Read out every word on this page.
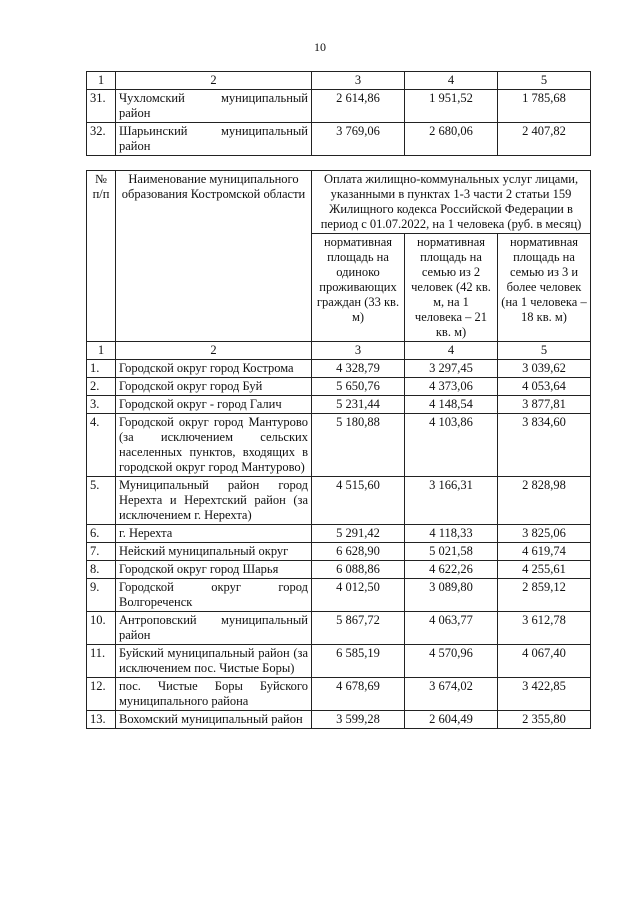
10
1	2	3	4	5
31.	Чухломский муниципальный район	2 614,86	1 951,52	1 785,68
32.	Шарьинский муниципальный район	3 769,06	2 680,06	2 407,82
№ п/п	Наименование муниципального образования Костромской области	Оплата жилищно-коммунальных услуг лицами, указанными в пунктах 1-3 части 2 статьи 159 Жилищного кодекса Российской Федерации в период с 01.07.2022, на 1 человека (руб. в месяц)		
		нормативная площадь на одиноко проживающих граждан (33 кв. м)	нормативная площадь на семью из 2 человек (42 кв. м, на 1 человека – 21 кв. м)	нормативная площадь на семью из 3 и более человек (на 1 человека – 18 кв. м)
1	2	3	4	5
1.	Городской округ город Кострома	4 328,79	3 297,45	3 039,62
2.	Городской округ город Буй	5 650,76	4 373,06	4 053,64
3.	Городской округ - город Галич	5 231,44	4 148,54	3 877,81
4.	Городской округ город Мантурово (за исключением сельских населенных пунктов, входящих в городской округ город Мантурово)	5 180,88	4 103,86	3 834,60
5.	Муниципальный район город Нерехта и Нерехтский район (за исключением г. Нерехта)	4 515,60	3 166,31	2 828,98
6.	г. Нерехта	5 291,42	4 118,33	3 825,06
7.	Нейский муниципальный округ	6 628,90	5 021,58	4 619,74
8.	Городской округ город Шарья	6 088,86	4 622,26	4 255,61
9.	Городской округ город Волгореченск	4 012,50	3 089,80	2 859,12
10.	Антроповский муниципальный район	5 867,72	4 063,77	3 612,78
11.	Буйский муниципальный район (за исключением пос. Чистые Боры)	6 585,19	4 570,96	4 067,40
12.	пос. Чистые Боры Буйского муниципального района	4 678,69	3 674,02	3 422,85
13.	Вохомский муниципальный район	3 599,28	2 604,49	2 355,80
